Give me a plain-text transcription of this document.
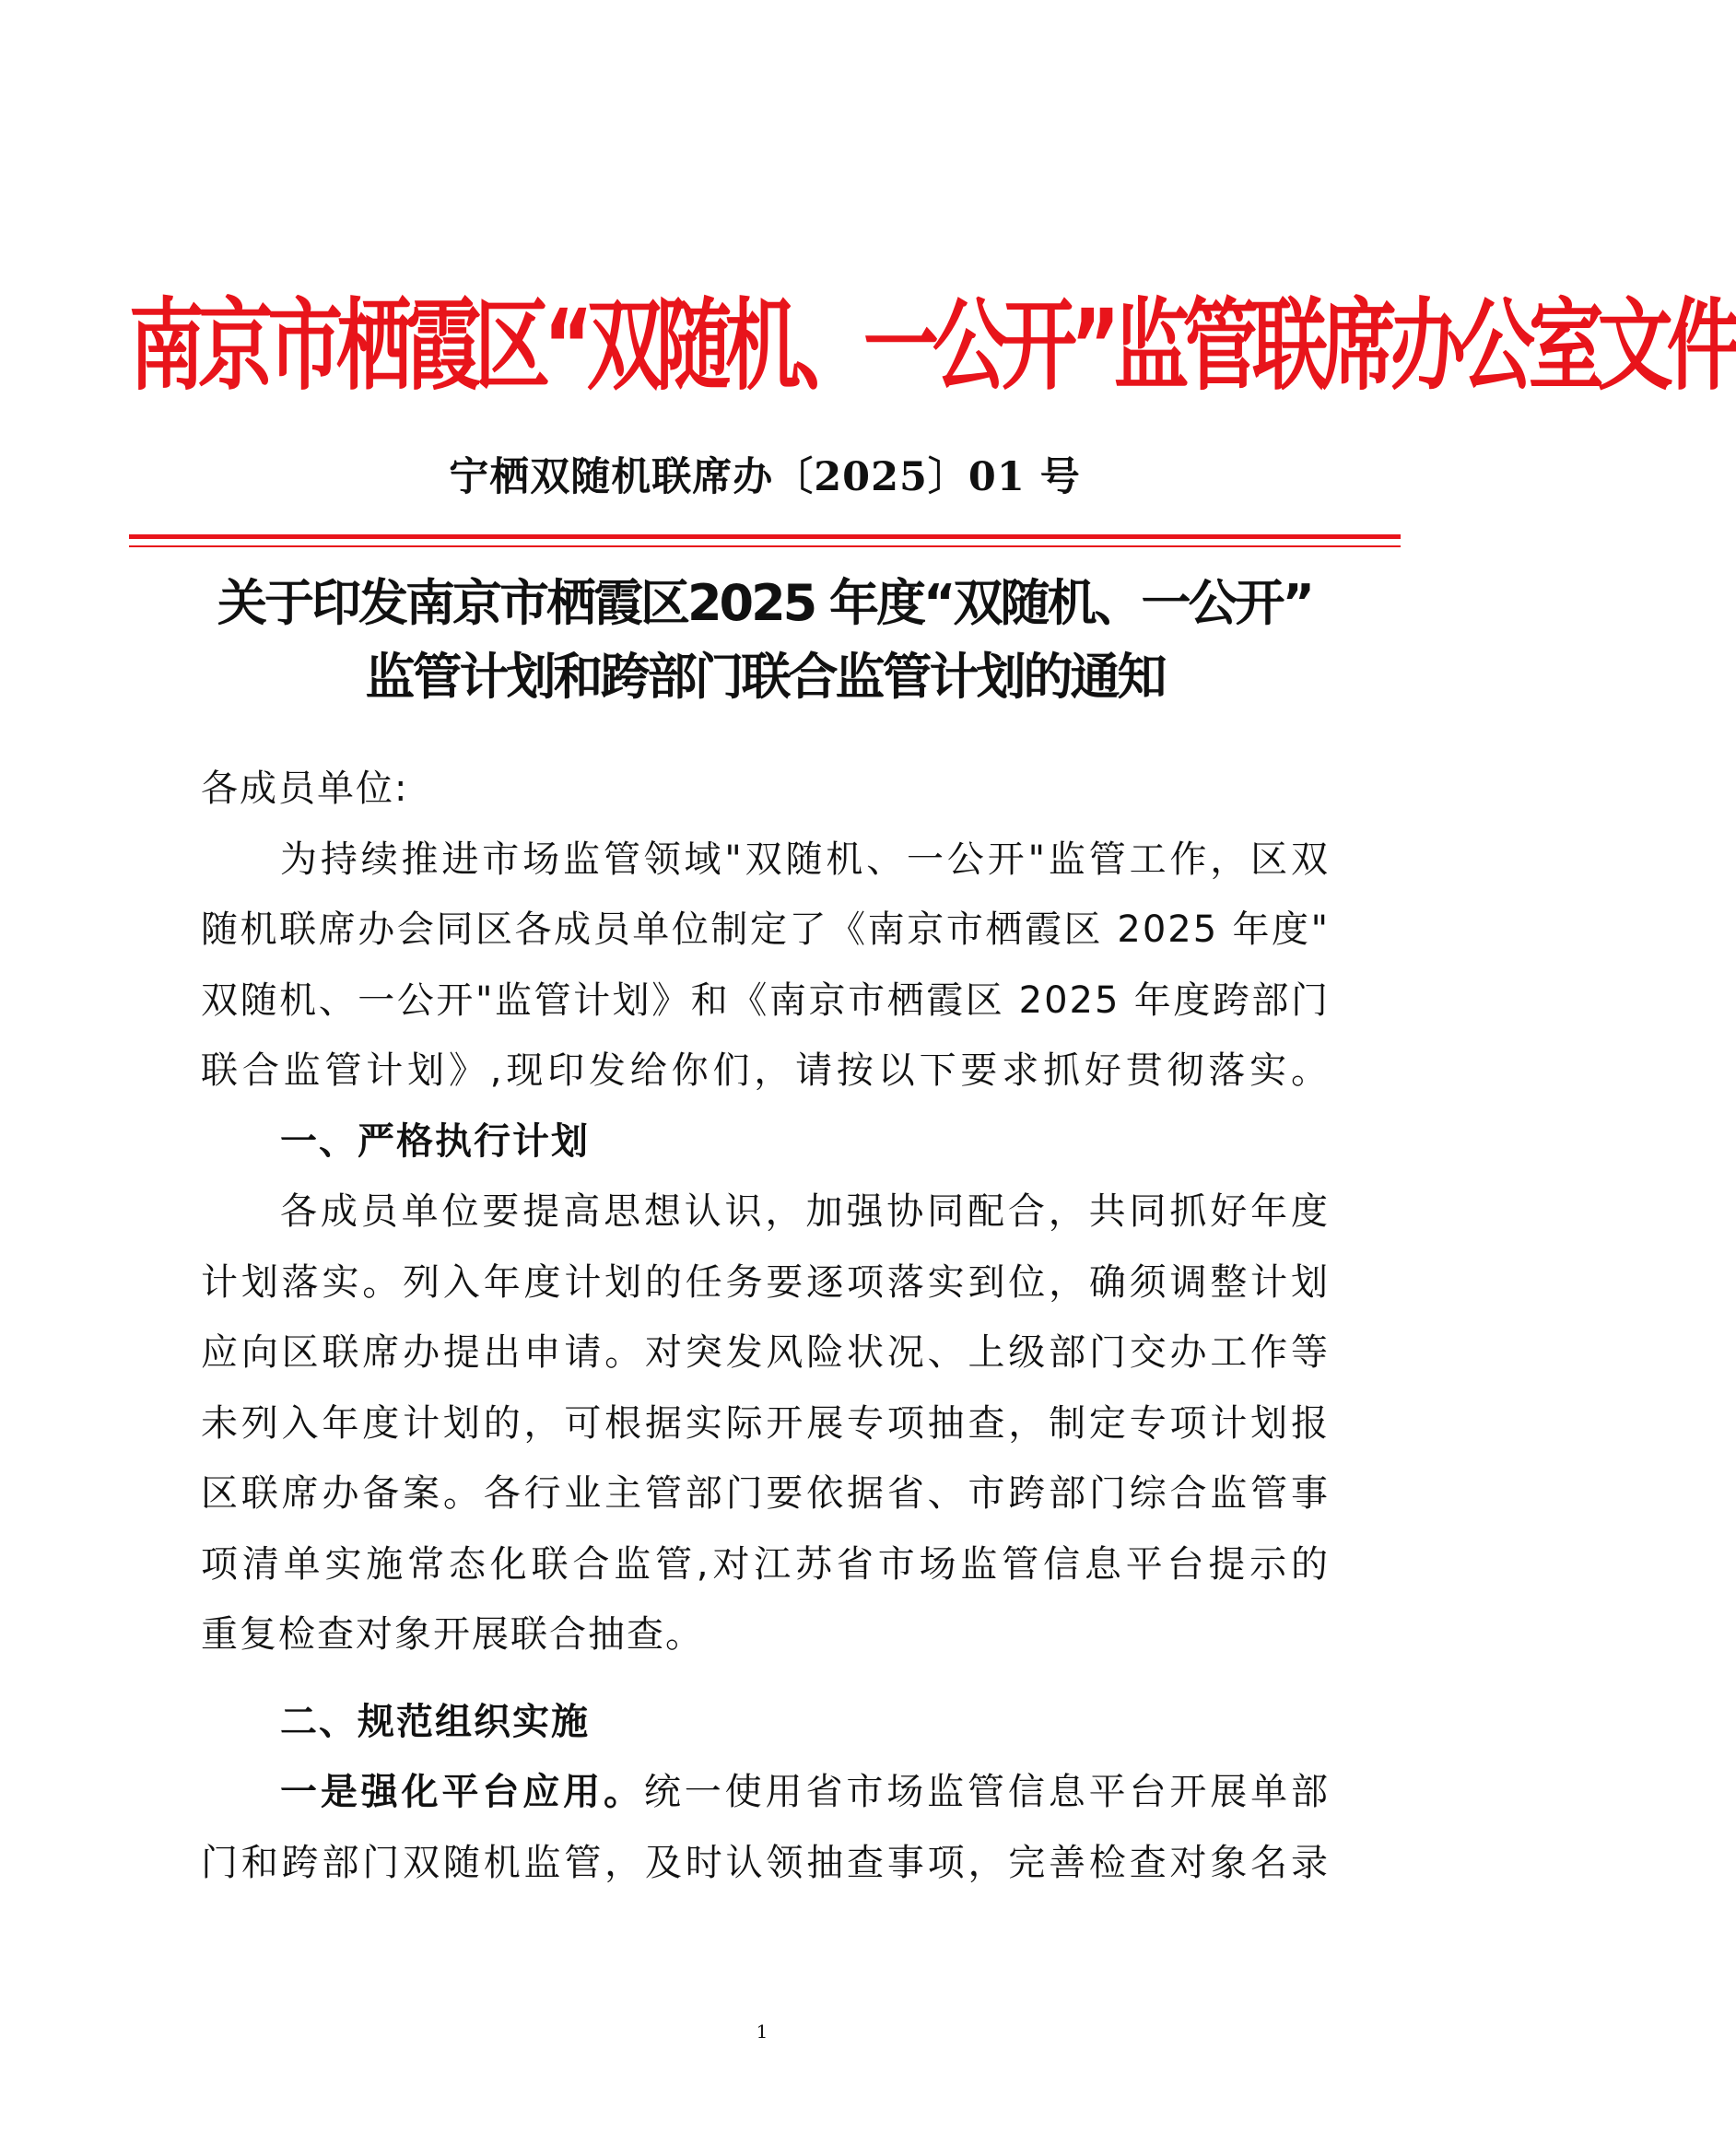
南京市栖霞区“双随机、一公开”监管联席办公室文件
宁栖双随机联席办〔2025〕01 号
关于印发南京市栖霞区2025 年度“双随机、一公开”
监管计划和跨部门联合监管计划的通知
各成员单位:
为持续推进市场监管领域"双随机、一公开"监管工作，区双
随机联席办会同区各成员单位制定了《南京市栖霞区 2025 年度"
双随机、一公开"监管计划》和《南京市栖霞区 2025 年度跨部门
联合监管计划》,现印发给你们，请按以下要求抓好贯彻落实。
一、严格执行计划
各成员单位要提高思想认识，加强协同配合，共同抓好年度
计划落实。列入年度计划的任务要逐项落实到位，确须调整计划
应向区联席办提出申请。对突发风险状况、上级部门交办工作等
未列入年度计划的，可根据实际开展专项抽查，制定专项计划报
区联席办备案。各行业主管部门要依据省、市跨部门综合监管事
项清单实施常态化联合监管,对江苏省市场监管信息平台提示的
重复检查对象开展联合抽查。
二、规范组织实施
一是强化平台应用。统一使用省市场监管信息平台开展单部
门和跨部门双随机监管，及时认领抽查事项，完善检查对象名录
1
